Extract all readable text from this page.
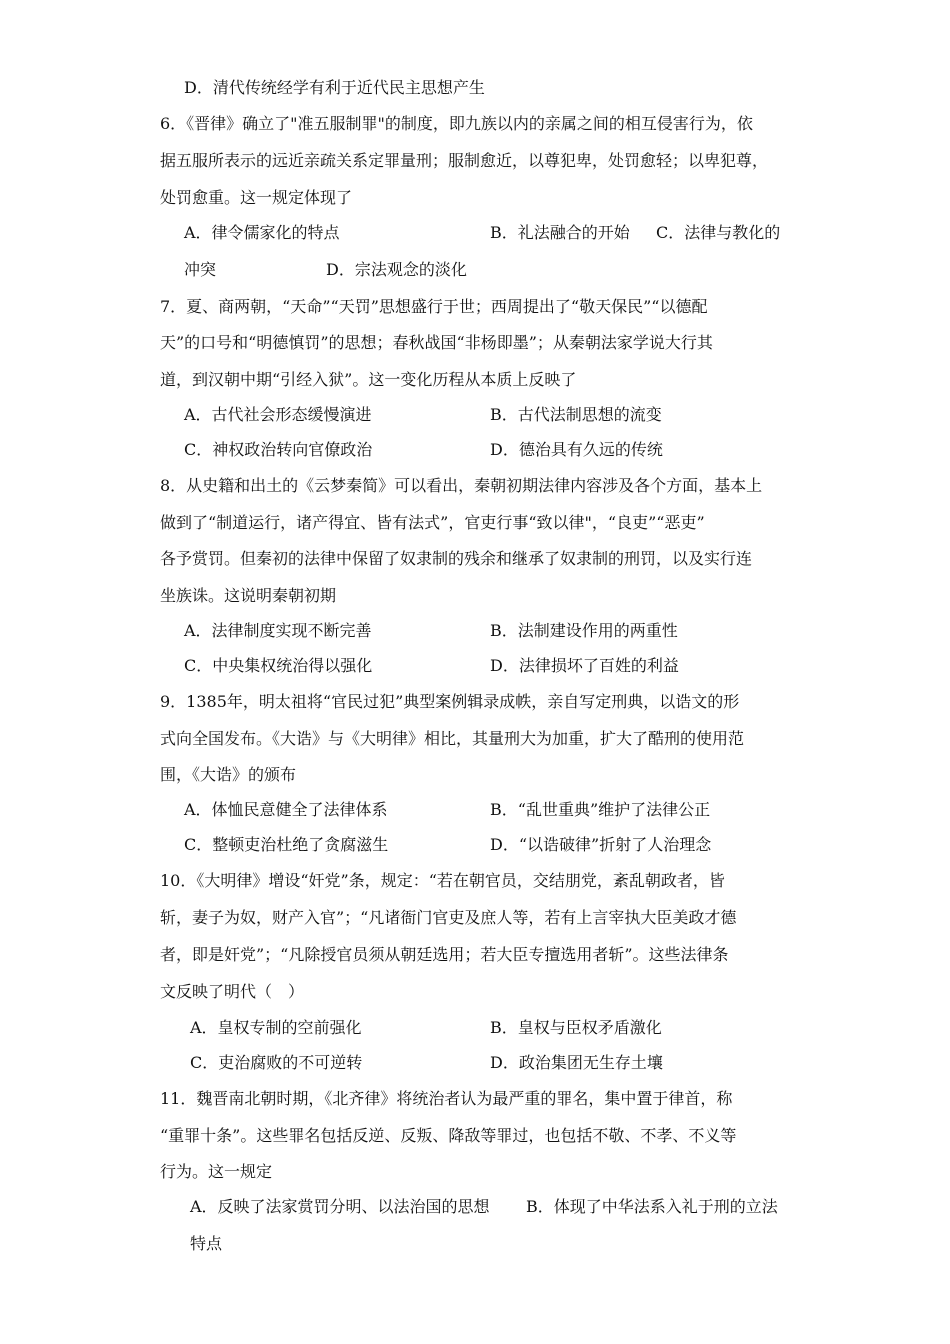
D．清代传统经学有利于近代民主思想产生
6．《晋律》确立了"准五服制罪"的制度，即九族以内的亲属之间的相互侵害行为，依
据五服所表示的远近亲疏关系定罪量刑；服制愈近，以尊犯卑，处罚愈轻；以卑犯尊，
处罚愈重。这一规定体现了
A．律令儒家化的特点	B．礼法融合的开始 C．法律与教化的
冲突	D．宗法观念的淡化
7．夏、商两朝，“天命”“天罚”思想盛行于世；西周提出了“敬天保民”“以德配
天”的口号和“明德慎罚”的思想；春秋战国“非杨即墨”；从秦朝法家学说大行其
道，到汉朝中期“引经入狱”。这一变化历程从本质上反映了
A．古代社会形态缓慢演进	B．古代法制思想的流变
C．神权政治转向官僚政治	D．德治具有久远的传统
8．从史籍和出土的《云梦秦简》可以看出，秦朝初期法律内容涉及各个方面，基本上
做到了“制道运行，诸产得宜、皆有法式”，官吏行事“致以律"，“良吏”“恶吏”
各予赏罚。但秦初的法律中保留了奴隶制的残余和继承了奴隶制的刑罚，以及实行连
坐族诛。这说明秦朝初期
A．法律制度实现不断完善	B．法制建设作用的两重性
C．中央集权统治得以强化	D．法律损坏了百姓的利益
9．1385年，明太祖将“官民过犯”典型案例辑录成帙，亲自写定刑典，以诰文的形
式向全国发布。《大诰》与《大明律》相比，其量刑大为加重，扩大了酷刑的使用范
围，《大诰》的颁布
A．体恤民意健全了法律体系	B．“乱世重典”维护了法律公正
C．整顿吏治杜绝了贪腐滋生	D．“以诰破律”折射了人治理念
10．《大明律》增设“奸党”条，规定：“若在朝官员，交结朋党，紊乱朝政者，皆
斩，妻子为奴，财产入官”；“凡诸衙门官吏及庶人等，若有上言宰执大臣美政才德
者，即是奸党”；“凡除授官员须从朝廷选用；若大臣专擅选用者斩”。这些法律条
文反映了明代（　）
A．皇权专制的空前强化	B．皇权与臣权矛盾激化
C．吏治腐败的不可逆转	D．政治集团无生存土壤
11．魏晋南北朝时期，《北齐律》将统治者认为最严重的罪名，集中置于律首，称
“重罪十条”。这些罪名包括反逆、反叛、降敌等罪过，也包括不敬、不孝、不义等
行为。这一规定
A．反映了法家赏罚分明、以法治国的思想 B．体现了中华法系入礼于刑的立法
特点
